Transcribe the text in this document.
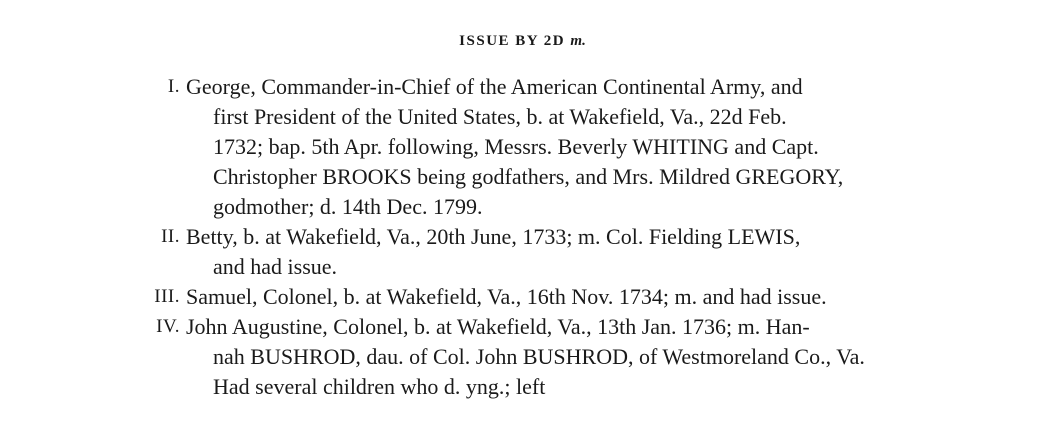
ISSUE BY 2D m.
I. George, Commander-in-Chief of the American Continental Army, and
first President of the United States, b. at Wakefield, Va., 22d Feb.
1732; bap. 5th Apr. following, Messrs. Beverly WHITING and Capt.
Christopher BROOKS being godfathers, and Mrs. Mildred GREGORY,
godmother; d. 14th Dec. 1799.
II. Betty, b. at Wakefield, Va., 20th June, 1733; m. Col. Fielding LEWIS,
and had issue.
III. Samuel, Colonel, b. at Wakefield, Va., 16th Nov. 1734; m. and had issue.
IV. John Augustine, Colonel, b. at Wakefield, Va., 13th Jan. 1736; m. Han-
nah BUSHROD, dau. of Col. John BUSHROD, of Westmoreland Co., Va.
Had several children who d. yng.; left
